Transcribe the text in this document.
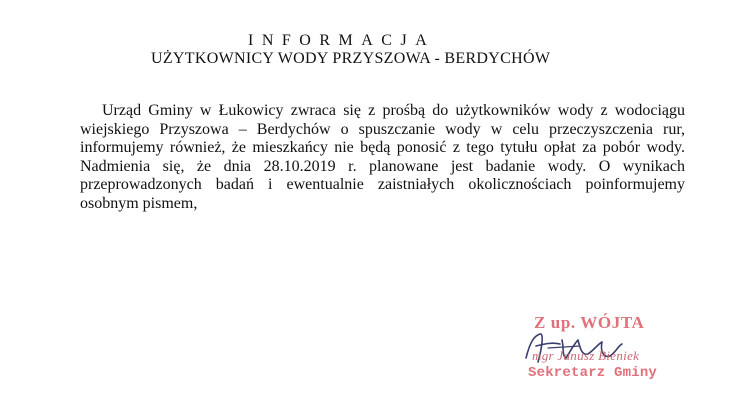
INFORMACJA
UŻYTKOWNICY WODY PRZYSZOWA - BERDYCHÓW
Urząd Gminy w Łukowicy zwraca się z prośbą do użytkowników wody z wodociągu
wiejskiego Przyszowa – Berdychów o spuszczanie wody w celu przeczyszczenia rur,
informujemy również, że mieszkańcy nie będą ponosić z tego tytułu opłat za pobór wody.
Nadmienia się, że dnia 28.10.2019 r. planowane jest badanie wody. O wynikach
przeprowadzonych badań i ewentualnie zaistniałych okolicznościach poinformujemy
osobnym pismem,
Z up. WÓJTA
mgr Janusz Bieniek
Sekretarz Gminy
